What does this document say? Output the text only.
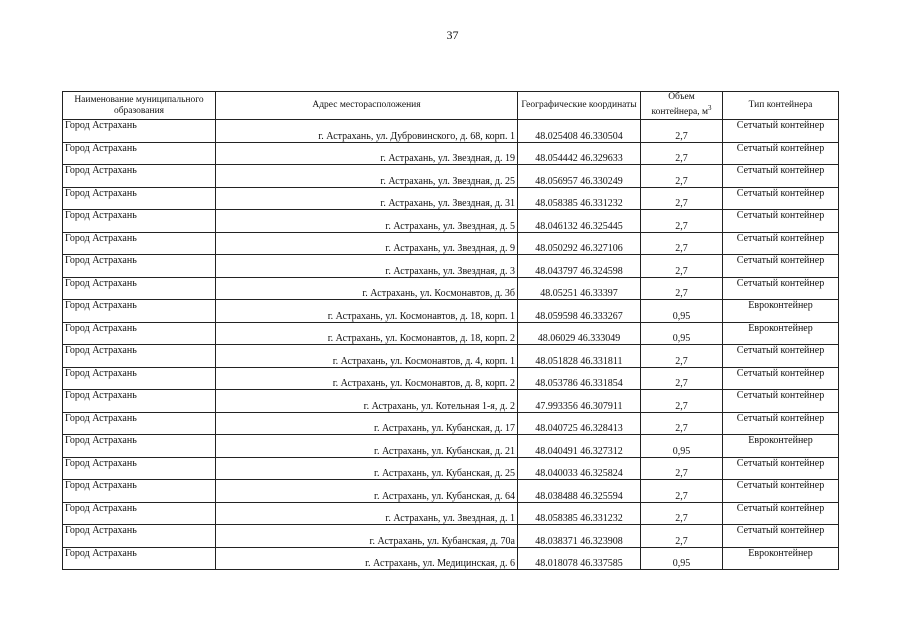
37
Наименование муниципального образования	Адрес месторасположения	Географические координаты	Объем контейнера, $м^3$	Тип контейнера
Город Астрахань	г. Астрахань, ул. Дубровинского, д. 68, корп. 1	48.025408 46.330504	2,7	Сетчатый контейнер
Город Астрахань	г. Астрахань, ул. Звездная, д. 19	48.054442 46.329633	2,7	Сетчатый контейнер
Город Астрахань	г. Астрахань, ул. Звездная, д. 25	48.056957 46.330249	2,7	Сетчатый контейнер
Город Астрахань	г. Астрахань, ул. Звездная, д. 31	48.058385 46.331232	2,7	Сетчатый контейнер
Город Астрахань	г. Астрахань, ул. Звездная, д. 5	48.046132 46.325445	2,7	Сетчатый контейнер
Город Астрахань	г. Астрахань, ул. Звездная, д. 9	48.050292 46.327106	2,7	Сетчатый контейнер
Город Астрахань	г. Астрахань, ул. Звездная, д. 3	48.043797 46.324598	2,7	Сетчатый контейнер
Город Астрахань	г. Астрахань, ул. Космонавтов, д. 3б	48.05251 46.33397	2,7	Сетчатый контейнер
Город Астрахань	г. Астрахань, ул. Космонавтов, д. 18, корп. 1	48.059598 46.333267	0,95	Евроконтейнер
Город Астрахань	г. Астрахань, ул. Космонавтов, д. 18, корп. 2	48.06029 46.333049	0,95	Евроконтейнер
Город Астрахань	г. Астрахань, ул. Космонавтов, д. 4, корп. 1	48.051828 46.331811	2,7	Сетчатый контейнер
Город Астрахань	г. Астрахань, ул. Космонавтов, д. 8, корп. 2	48.053786 46.331854	2,7	Сетчатый контейнер
Город Астрахань	г. Астрахань, ул. Котельная 1-я, д. 2	47.993356 46.307911	2,7	Сетчатый контейнер
Город Астрахань	г. Астрахань, ул. Кубанская, д. 17	48.040725 46.328413	2,7	Сетчатый контейнер
Город Астрахань	г. Астрахань, ул. Кубанская, д. 21	48.040491 46.327312	0,95	Евроконтейнер
Город Астрахань	г. Астрахань, ул. Кубанская, д. 25	48.040033 46.325824	2,7	Сетчатый контейнер
Город Астрахань	г. Астрахань, ул. Кубанская, д. 64	48.038488 46.325594	2,7	Сетчатый контейнер
Город Астрахань	г. Астрахань, ул. Звездная, д. 1	48.058385 46.331232	2,7	Сетчатый контейнер
Город Астрахань	г. Астрахань, ул. Кубанская, д. 70а	48.038371 46.323908	2,7	Сетчатый контейнер
Город Астрахань	г. Астрахань, ул. Медицинская, д. 6	48.018078 46.337585	0,95	Евроконтейнер
